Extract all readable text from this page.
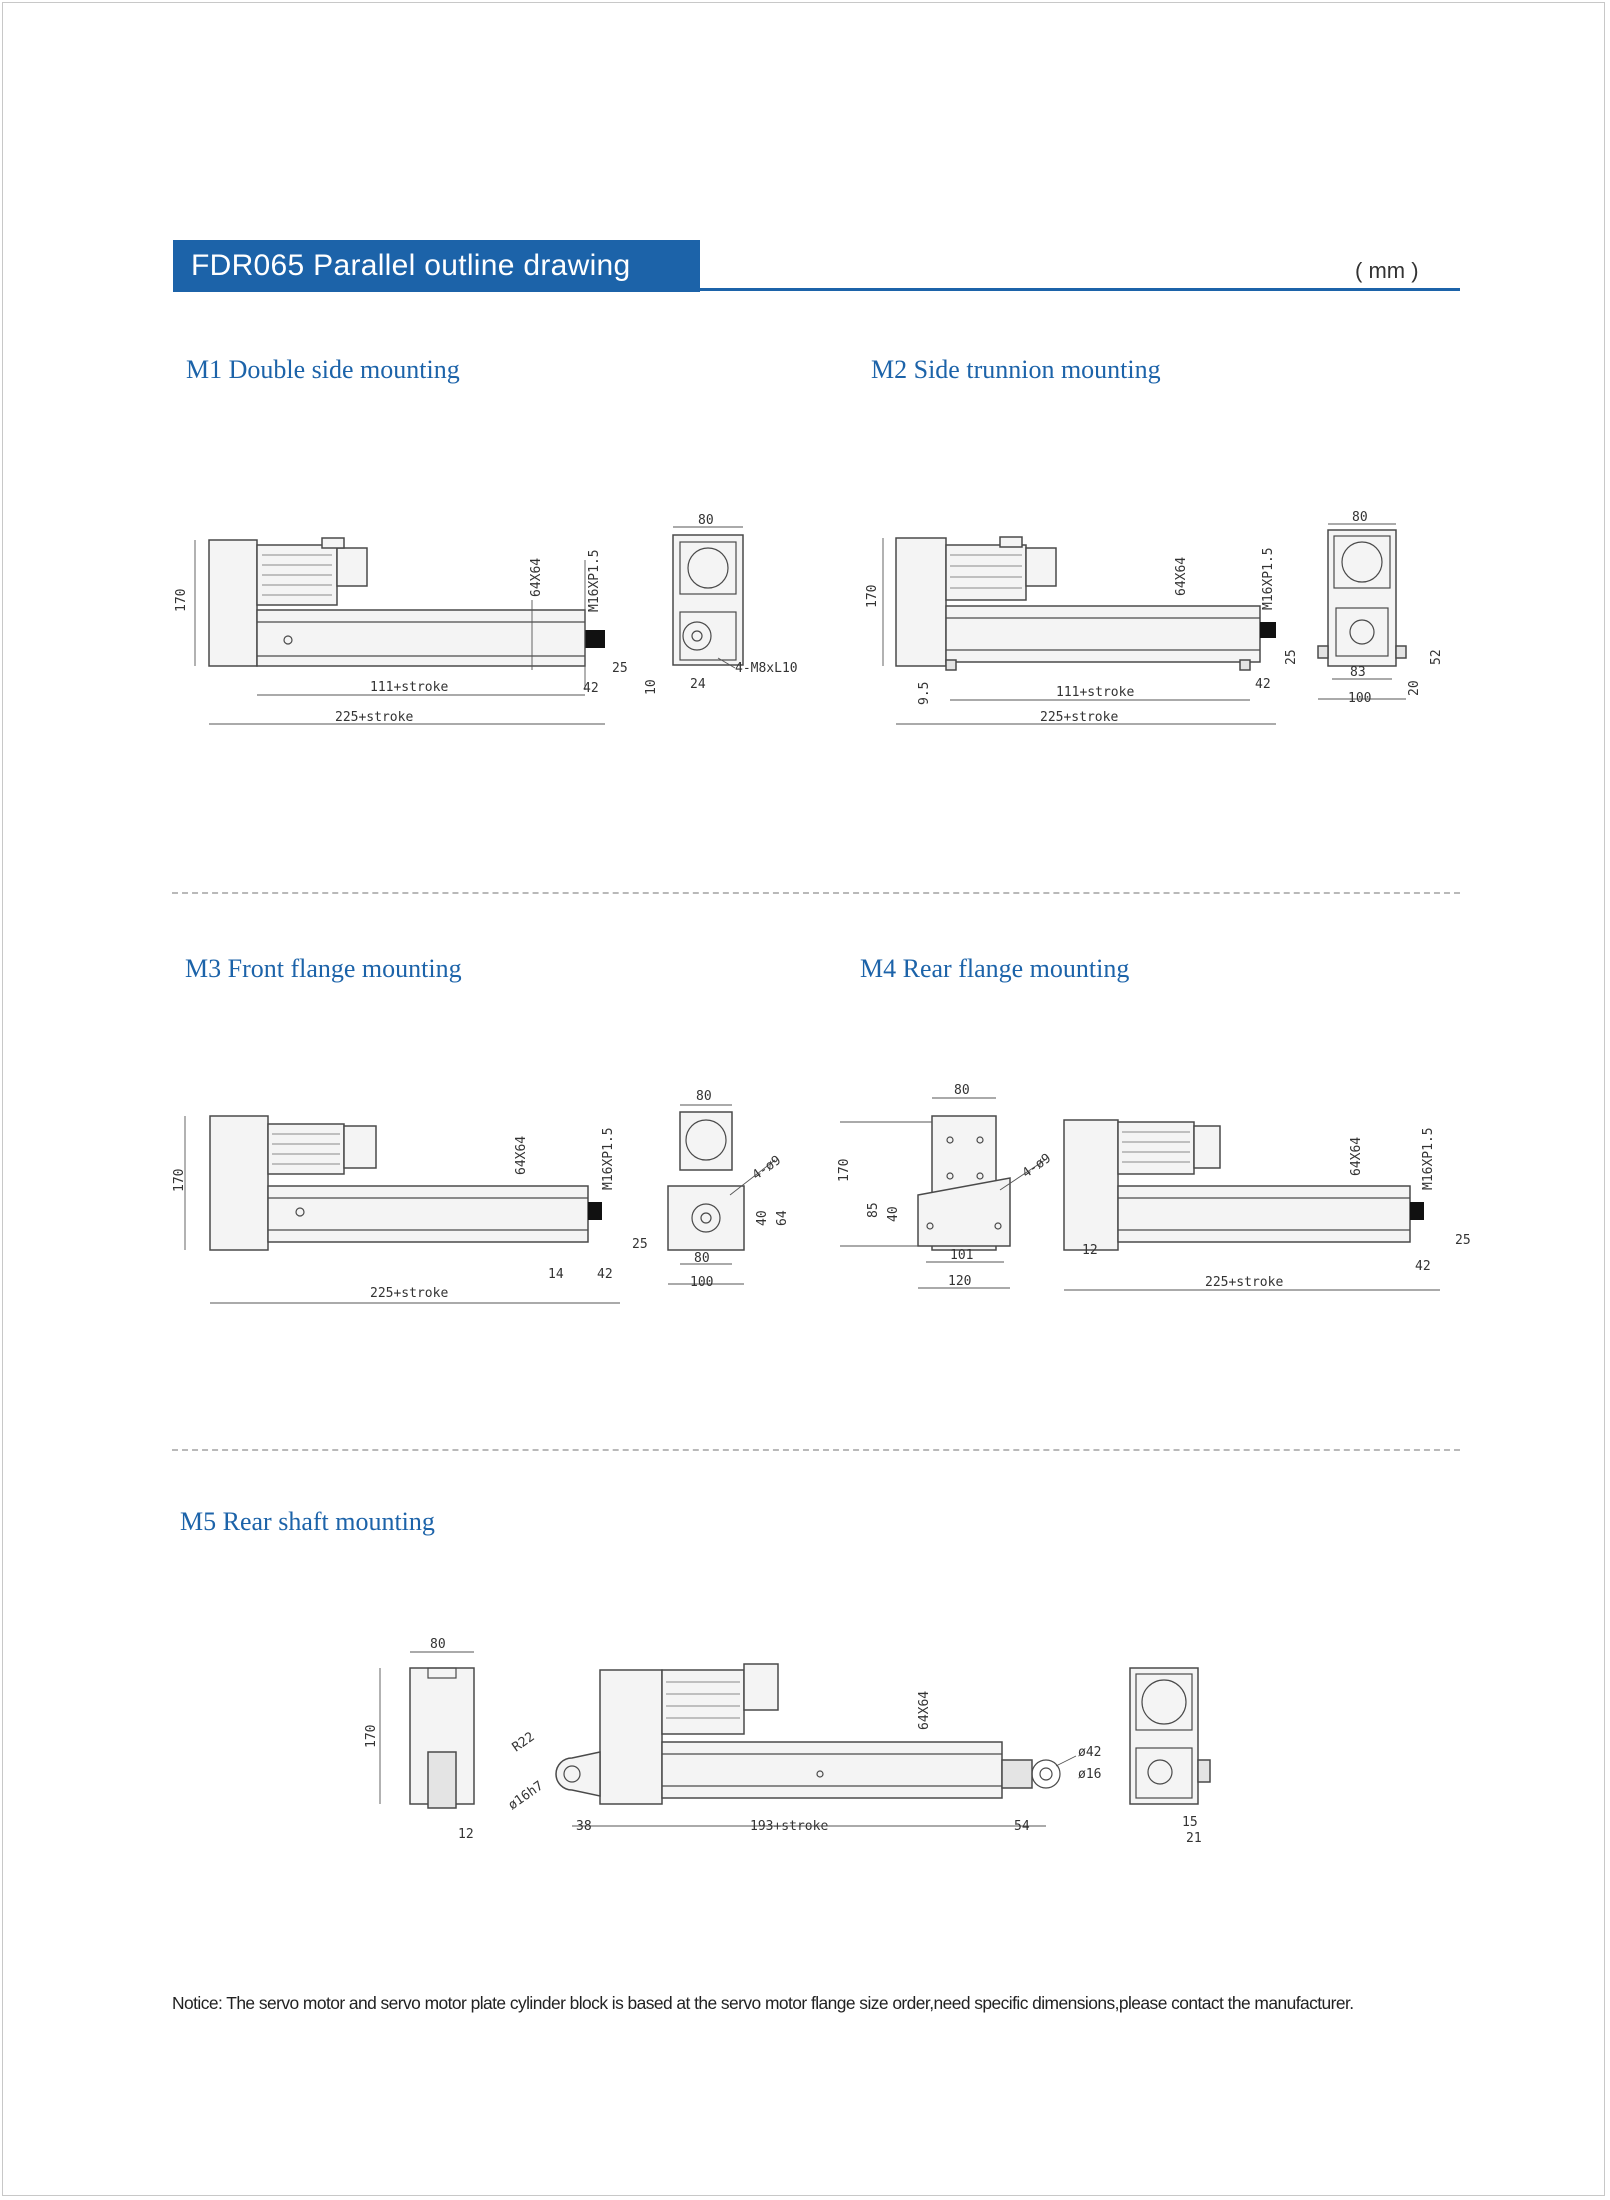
FDR065 Parallel outline drawing	( mm )
M1 Double side mounting	M2 Side trunnion mounting
M3 Front flange mounting	M4 Rear flange mounting
M5 Rear shaft mounting
170
111+stroke
225+stroke
42
25
64X64	M16XP1.5
80
10 24
4-M8xL10
170
9.5	111+stroke
225+stroke
42
25
64X64	M16XP1.5
80
83
100
52
20
170
225+stroke
14	42
25
64X64	M16XP1.5
80
4-ø9
40 64
80
100
80
170
85 40
4-ø9
101
120
12
225+stroke
42
25
64X64	M16XP1.5
80
170
12
R22
ø16h7
38	193+stroke	54
64X64
ø42
ø16
15
21
Notice: The servo motor and servo motor plate cylinder block is based at the servo motor flange size order,need specific dimensions,please contact the manufacturer.
